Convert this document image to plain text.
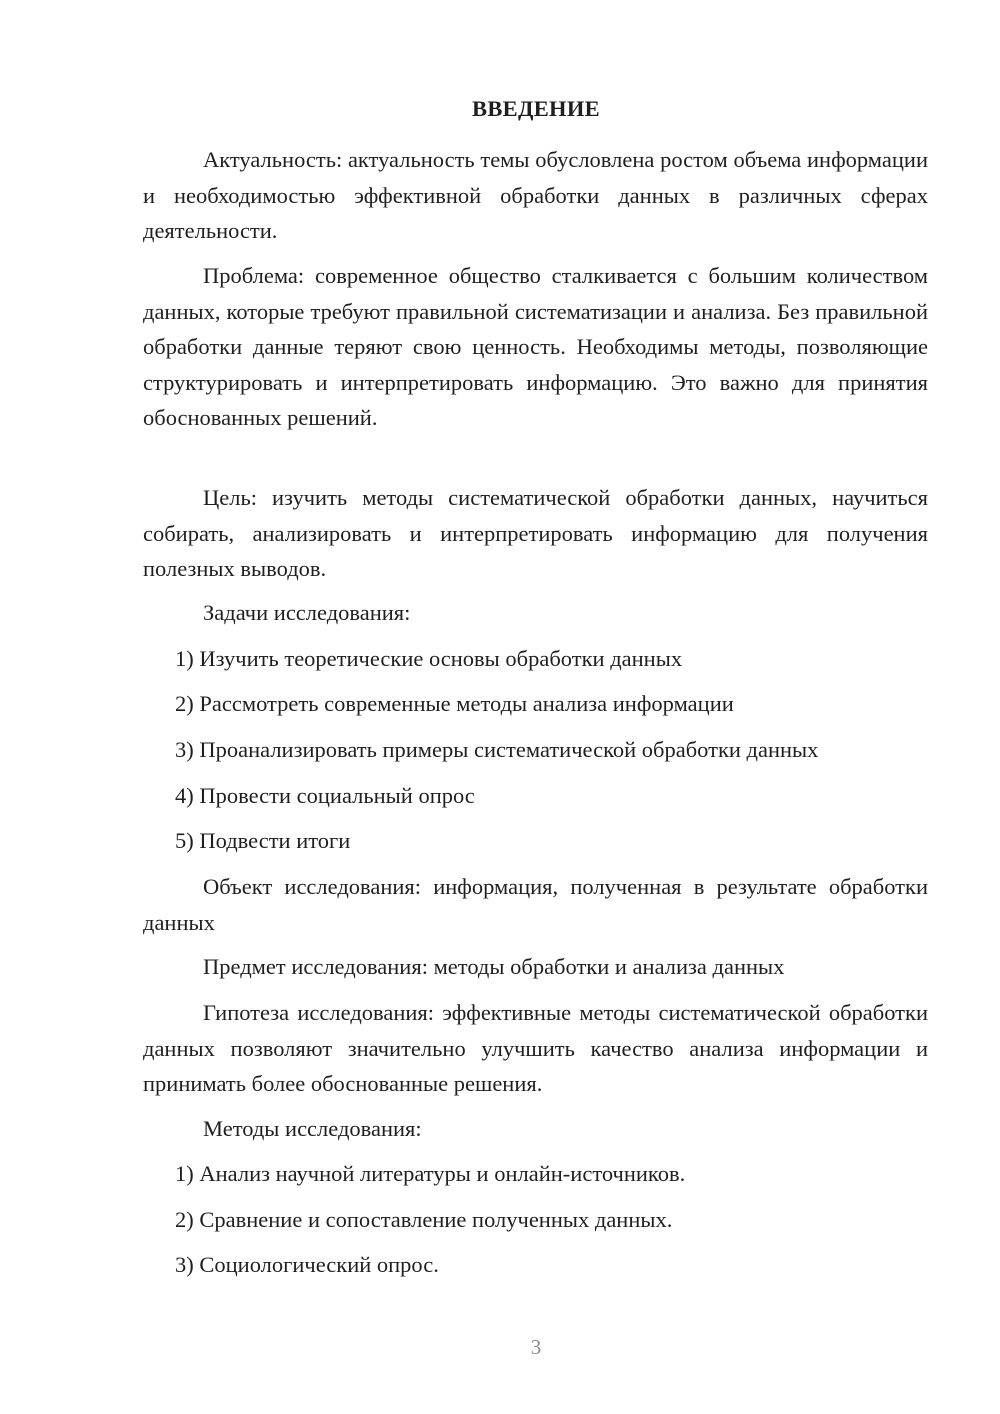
ВВЕДЕНИЕ

Актуальность: актуальность темы обусловлена ростом объема информации и необходимостью эффективной обработки данных в различных сферах деятельности.

Проблема: современное общество сталкивается с большим количеством данных, которые требуют правильной систематизации и анализа. Без правильной обработки данные теряют свою ценность. Необходимы методы, позволяющие структурировать и интерпретировать информацию. Это важно для принятия обоснованных решений.

Цель: изучить методы систематической обработки данных, научиться собирать, анализировать и интерпретировать информацию для получения полезных выводов.

Задачи исследования:

1) Изучить теоретические основы обработки данных

2) Рассмотреть современные методы анализа информации

3) Проанализировать примеры систематической обработки данных

4) Провести социальный опрос

5) Подвести итоги

Объект исследования: информация, полученная в результате обработки данных

Предмет исследования: методы обработки и анализа данных

Гипотеза исследования: эффективные методы систематической обработки данных позволяют значительно улучшить качество анализа информации и принимать более обоснованные решения.

Методы исследования:

1) Анализ научной литературы и онлайн-источников.

2) Сравнение и сопоставление полученных данных.

3) Социологический опрос.

3
